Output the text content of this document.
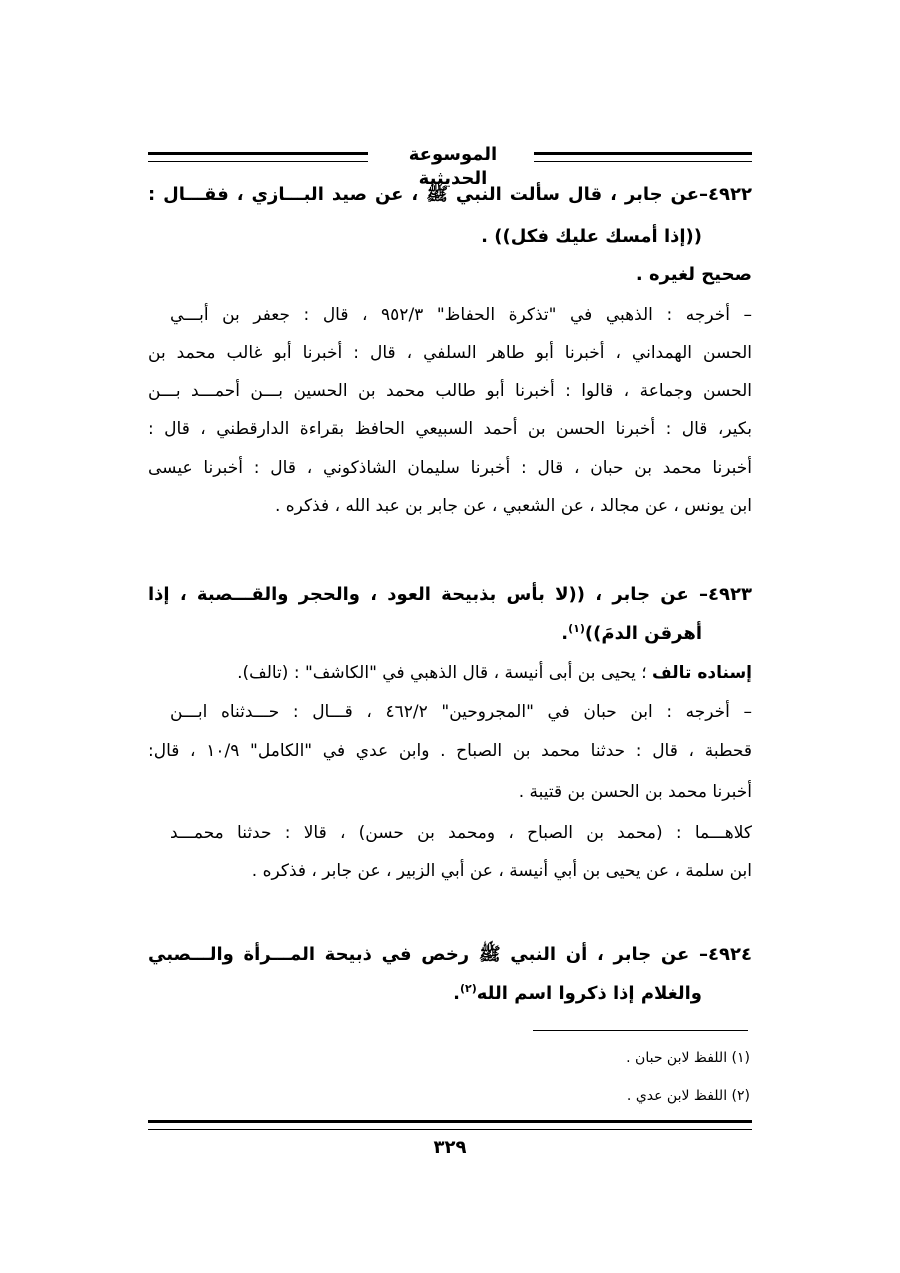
الموسوعة الحديثية
٤٩٢٢–عن جابر ، قال سألت النبي ﷺ ، عن صيد البـــازي ، فقـــال :
((إذا أمسك عليك فكل)) .
صحيح لغيره .
– أخرجه : الذهبي في "تذكرة الحفاظ" ٩٥٢/٣ ، قال : جعفر بن أبـــي
الحسن الهمداني ، أخبرنا أبو طاهر السلفي ، قال : أخبرنا أبو غالب محمد بن
الحسن وجماعة ، قالوا : أخبرنا أبو طالب محمد بن الحسين بـــن أحمـــد بـــن
بكير، قال : أخبرنا الحسن بن أحمد السبيعي الحافظ بقراءة الدارقطني ، قال :
أخبرنا محمد بن حبان ، قال : أخبرنا سليمان الشاذكوني ، قال : أخبرنا عيسى
ابن يونس ، عن مجالد ، عن الشعبي ، عن جابر بن عبد الله ، فذكره .
٤٩٢٣– عن جابر ، ((لا بأس بذبيحة العود ، والحجر والقـــصبة ، إذا
أهرقن الدمَ))$^{(١)}$.
إسناده تالف ؛ يحيى بن أبى أنيسة ، قال الذهبي في "الكاشف" : (تالف).
– أخرجه : ابن حبان في "المجروحين" ٤٦٢/٢ ، قـــال : حـــدثناه ابـــن
قحطبة ، قال : حدثنا محمد بن الصباح . وابن عدي في "الكامل" ١٠/٩ ، قال:
أخبرنا محمد بن الحسن بن قتيبة .
كلاهـــما : (محمد بن الصباح ، ومحمد بن حسن) ، قالا : حدثنا محمـــد
ابن سلمة ، عن يحيى بن أبي أنيسة ، عن أبي الزبير ، عن جابر ، فذكره .
٤٩٢٤– عن جابر ، أن النبي ﷺ رخص في ذبيحة المـــرأة والـــصبي
والغلام إذا ذكروا اسم الله$^{(٢)}$.
(١) اللفظ لابن حبان .
(٢) اللفظ لابن عدي .
٣٢٩
